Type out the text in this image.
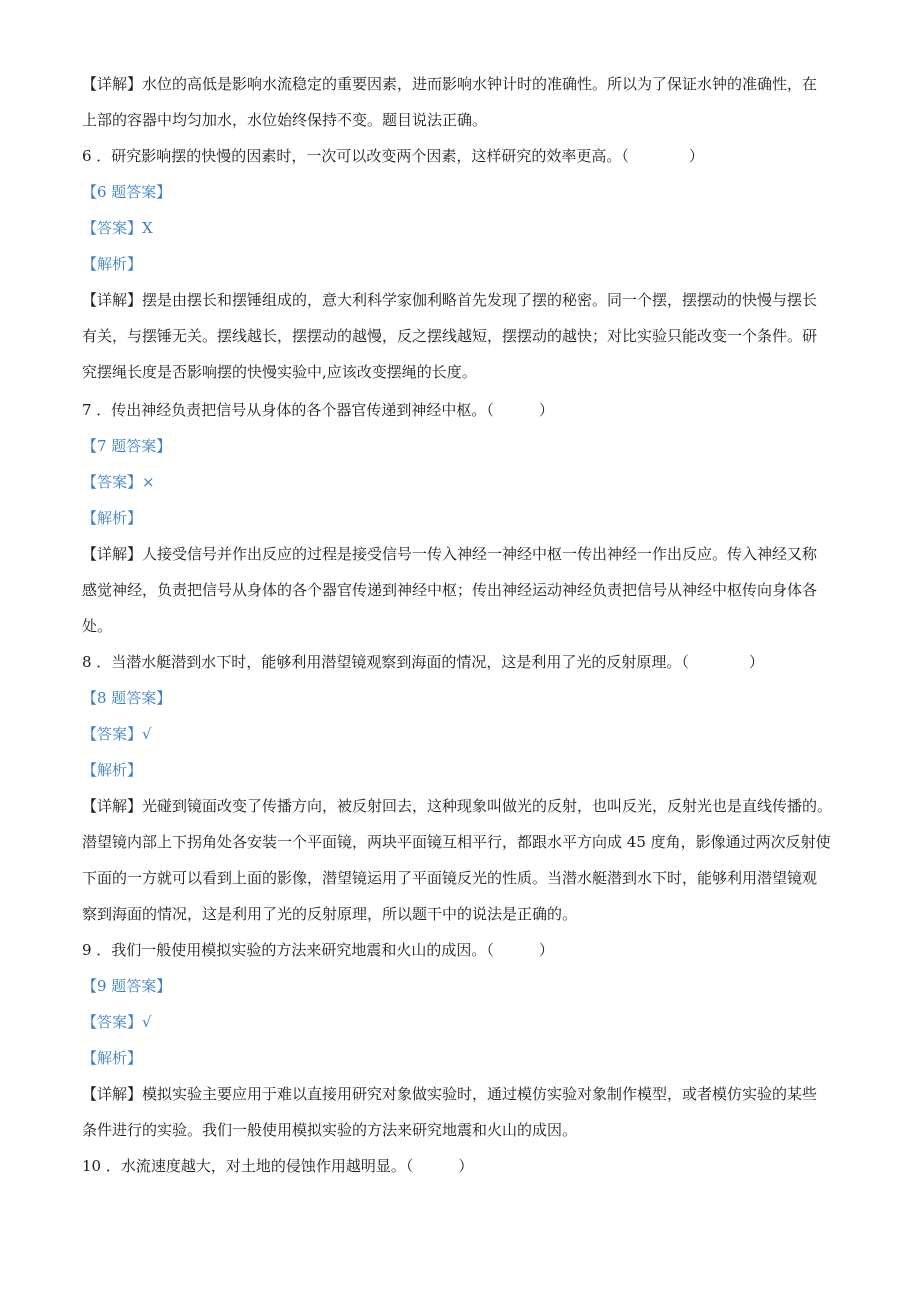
【详解】水位的高低是影响水流稳定的重要因素，进而影响水钟计时的准确性。所以为了保证水钟的准确性，在
上部的容器中均匀加水，水位始终保持不变。题目说法正确。
6 ．研究影响摆的快慢的因素时，一次可以改变两个因素，这样研究的效率更高。（　　　　）
【6 题答案】
【答案】X
【解析】
【详解】摆是由摆长和摆锤组成的，意大利科学家伽利略首先发现了摆的秘密。同一个摆，摆摆动的快慢与摆长
有关，与摆锤无关。摆线越长，摆摆动的越慢，反之摆线越短，摆摆动的越快；对比实验只能改变一个条件。研
究摆绳长度是否影响摆的快慢实验中,应该改变摆绳的长度。
7 ．传出神经负责把信号从身体的各个器官传递到神经中枢。（　　　）
【7 题答案】
【答案】×
【解析】
【详解】人接受信号并作出反应的过程是接受信号一传入神经一神经中枢一传出神经一作出反应。传入神经又称
感觉神经，负责把信号从身体的各个器官传递到神经中枢；传出神经运动神经负责把信号从神经中枢传向身体各
处。
8 ．当潜水艇潜到水下时，能够利用潜望镜观察到海面的情况，这是利用了光的反射原理。（　　　　）
【8 题答案】
【答案】√
【解析】
【详解】光碰到镜面改变了传播方向，被反射回去，这种现象叫做光的反射，也叫反光，反射光也是直线传播的。
潜望镜内部上下拐角处各安装一个平面镜，两块平面镜互相平行，都跟水平方向成 45 度角，影像通过两次反射使
下面的一方就可以看到上面的影像，潜望镜运用了平面镜反光的性质。当潜水艇潜到水下时，能够利用潜望镜观
察到海面的情况，这是利用了光的反射原理，所以题干中的说法是正确的。
9 ．我们一般使用模拟实验的方法来研究地震和火山的成因。（　　　）
【9 题答案】
【答案】√
【解析】
【详解】模拟实验主要应用于难以直接用研究对象做实验时，通过模仿实验对象制作模型，或者模仿实验的某些
条件进行的实验。我们一般使用模拟实验的方法来研究地震和火山的成因。
10 ．水流速度越大，对土地的侵蚀作用越明显。（　　　）
